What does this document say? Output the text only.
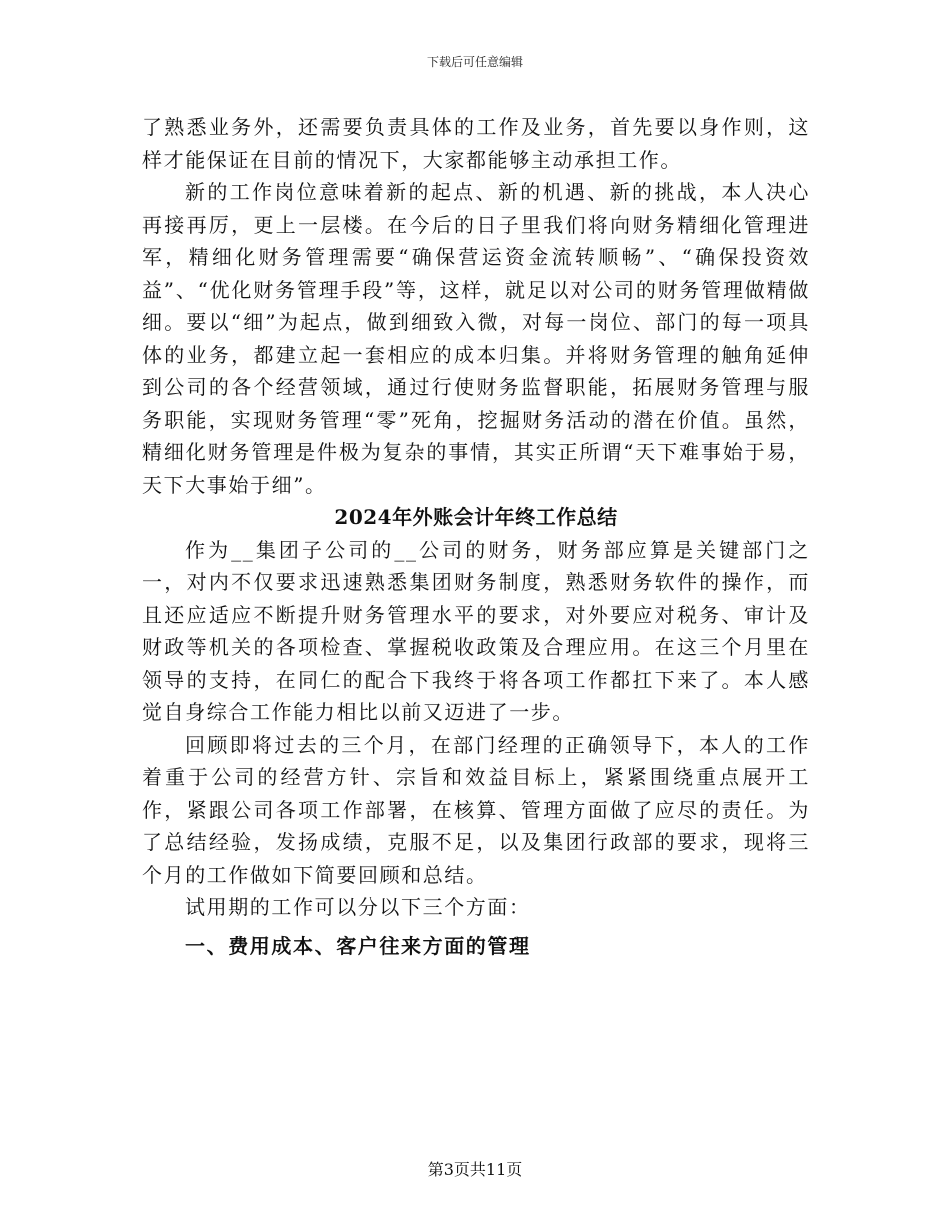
下载后可任意编辑

了熟悉业务外，还需要负责具体的工作及业务，首先要以身作则，这样才能保证在目前的情况下，大家都能够主动承担工作。

新的工作岗位意味着新的起点、新的机遇、新的挑战，本人决心再接再厉，更上一层楼。在今后的日子里我们将向财务精细化管理进军，精细化财务管理需要“确保营运资金流转顺畅”、“确保投资效益”、“优化财务管理手段”等，这样，就足以对公司的财务管理做精做细。要以“细”为起点，做到细致入微，对每一岗位、部门的每一项具体的业务，都建立起一套相应的成本归集。并将财务管理的触角延伸到公司的各个经营领域，通过行使财务监督职能，拓展财务管理与服务职能，实现财务管理“零”死角，挖掘财务活动的潜在价值。虽然，精细化财务管理是件极为复杂的事情，其实正所谓“天下难事始于易，天下大事始于细”。

2024年外账会计年终工作总结

作为__集团子公司的__公司的财务，财务部应算是关键部门之一，对内不仅要求迅速熟悉集团财务制度，熟悉财务软件的操作，而且还应适应不断提升财务管理水平的要求，对外要应对税务、审计及财政等机关的各项检查、掌握税收政策及合理应用。在这三个月里在领导的支持，在同仁的配合下我终于将各项工作都扛下来了。本人感觉自身综合工作能力相比以前又迈进了一步。

回顾即将过去的三个月，在部门经理的正确领导下，本人的工作着重于公司的经营方针、宗旨和效益目标上，紧紧围绕重点展开工作，紧跟公司各项工作部署，在核算、管理方面做了应尽的责任。为了总结经验，发扬成绩，克服不足，以及集团行政部的要求，现将三个月的工作做如下简要回顾和总结。

试用期的工作可以分以下三个方面：

一、费用成本、客户往来方面的管理
第3页共11页
